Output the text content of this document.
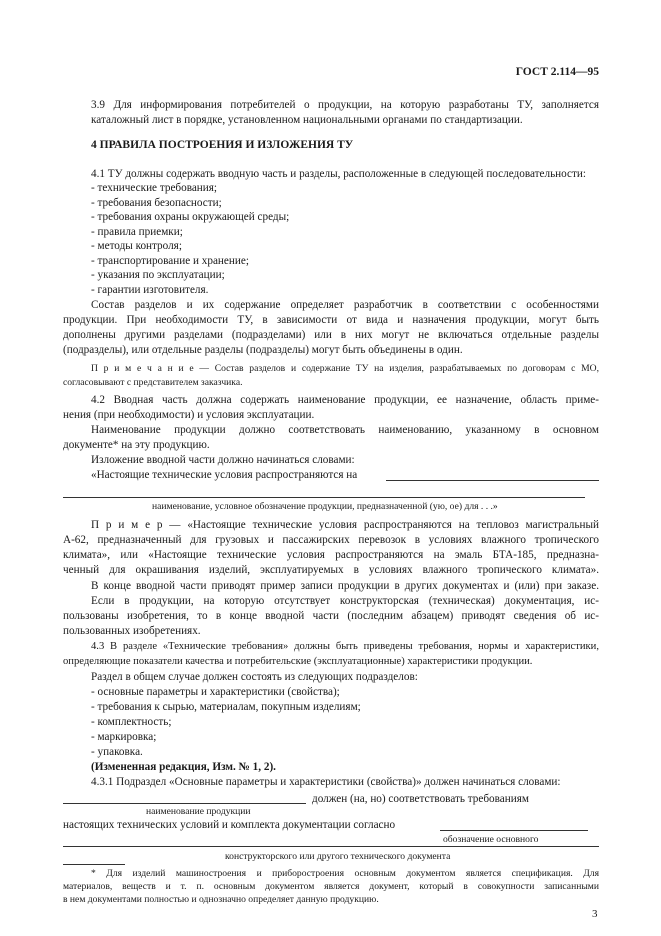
ГОСТ 2.114—95
3.9 Для информирования потребителей о продукции, на которую разработаны ТУ, заполняется
каталожный лист в порядке, установленном национальными органами по стандартизации.
4 ПРАВИЛА ПОСТРОЕНИЯ И ИЗЛОЖЕНИЯ ТУ
4.1 ТУ должны содержать вводную часть и разделы, расположенные в следующей последовательности:
- технические требования;
- требования безопасности;
- требования охраны окружающей среды;
- правила приемки;
- методы контроля;
- транспортирование и хранение;
- указания по эксплуатации;
- гарантии изготовителя.
Состав разделов и их содержание определяет разработчик в соответствии с особенностями
продукции. При необходимости ТУ, в зависимости от вида и назначения продукции, могут быть
дополнены другими разделами (подразделами) или в них могут не включаться отдельные разделы
(подразделы), или отдельные разделы (подразделы) могут быть объединены в один.
П р и м е ч а н и е — Состав разделов и содержание ТУ на изделия, разрабатываемых по договорам с МО,
согласовывают с представителем заказчика.
4.2 Вводная часть должна содержать наименование продукции, ее назначение, область приме-
нения (при необходимости) и условия эксплуатации.
Наименование продукции должно соответствовать наименованию, указанному в основном
документе* на эту продукцию.
Изложение вводной части должно начинаться словами:
«Настоящие технические условия распространяются на
наименование, условное обозначение продукции, предназначенной (ую, ое) для . . .»
П р и м е р — «Настоящие технические условия распространяются на тепловоз магистральный
А-62, предназначенный для грузовых и пассажирских перевозок в условиях влажного тропического
климата», или «Настоящие технические условия распространяются на эмаль БТА-185, предназна-
ченный для окрашивания изделий, эксплуатируемых в условиях влажного тропического климата».
В конце вводной части приводят пример записи продукции в других документах и (или) при заказе.
Если в продукции, на которую отсутствует конструкторская (техническая) документация, ис-
пользованы изобретения, то в конце вводной части (последним абзацем) приводят сведения об ис-
пользованных изобретениях.
4.3 В разделе «Технические требования» должны быть приведены требования, нормы и характеристики,
определяющие показатели качества и потребительские (эксплуатационные) характеристики продукции.
Раздел в общем случае должен состоять из следующих подразделов:
- основные параметры и характеристики (свойства);
- требования к сырью, материалам, покупным изделиям;
- комплектность;
- маркировка;
- упаковка.
(Измененная редакция, Изм. № 1, 2).
4.3.1 Подраздел «Основные параметры и характеристики (свойства)» должен начинаться словами:
должен (на, но) соответствовать требованиям
наименование продукции
настоящих технических условий и комплекта документации согласно
обозначение основного
конструкторского или другого технического документа
* Для изделий машиностроения и приборостроения основным документом является спецификация. Для
материалов, веществ и т. п. основным документом является документ, который в совокупности записанными
в нем документами полностью и однозначно определяет данную продукцию.
3
